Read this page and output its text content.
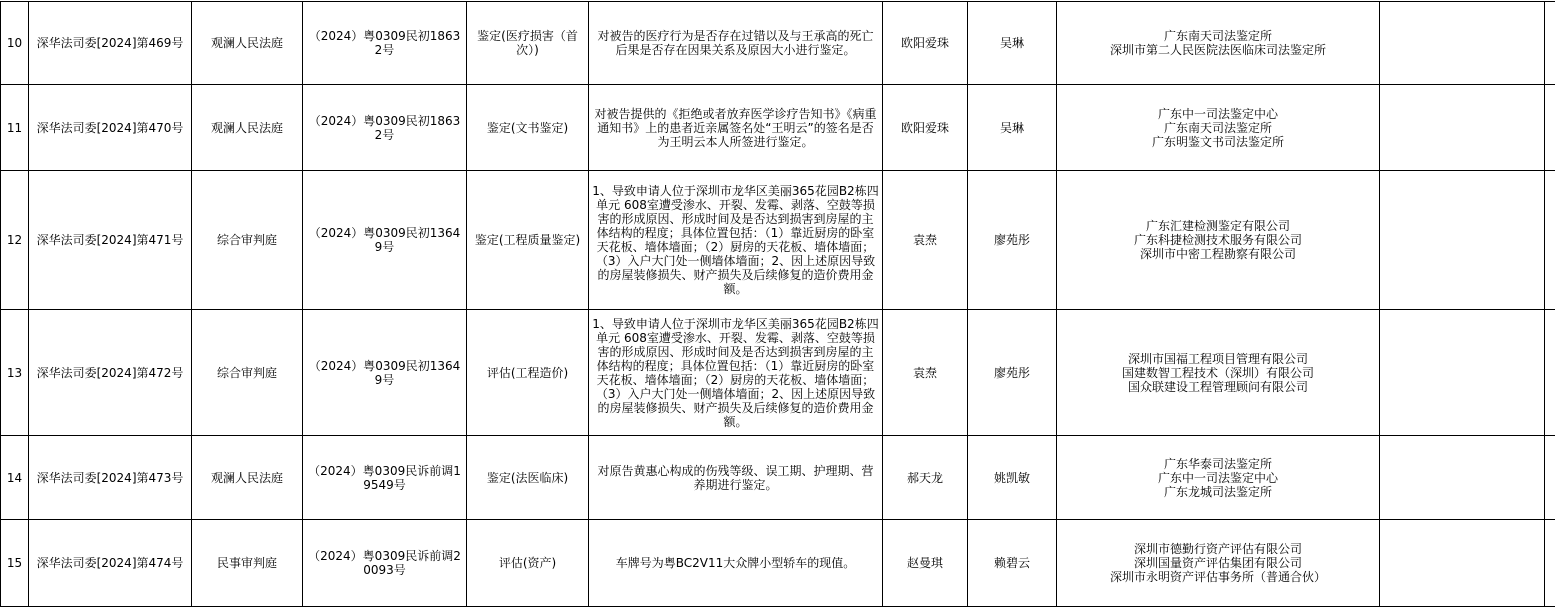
10	深华法司委[2024]第469号	观澜人民法庭	（2024）粤0309民初18632号	鉴定(医疗损害（首次）)	对被告的医疗行为是否存在过错以及与王承高的死亡后果是否存在因果关系及原因大小进行鉴定。	欧阳爱珠	吴琳	广东南天司法鉴定所
深圳市第二人民医院法医临床司法鉴定所		

11	深华法司委[2024]第470号	观澜人民法庭	（2024）粤0309民初18632号	鉴定(文书鉴定)	对被告提供的《拒绝或者放弃医学诊疗告知书》《病重通知书》上的患者近亲属签名处“王明云”的签名是否为王明云本人所签进行鉴定。	欧阳爱珠	吴琳	广东中一司法鉴定中心
广东南天司法鉴定所
广东明鉴文书司法鉴定所		

12	深华法司委[2024]第471号	综合审判庭	（2024）粤0309民初13649号	鉴定(工程质量鉴定)	1、导致申请人位于深圳市龙华区美丽365花园B2栋四单元 608室遭受渗水、开裂、发霉、剥落、空鼓等损害的形成原因、形成时间及是否达到损害到房屋的主体结构的程度；具体位置包括：（1）靠近厨房的卧室天花板、墙体墙面；（2）厨房的天花板、墙体墙面；（3）入户大门处一侧墙体墙面；2、因上述原因导致的房屋装修损失、财产损失及后续修复的造价费用金额。	袁焘	廖苑彤	广东汇建检测鉴定有限公司
广东科捷检测技术服务有限公司
深圳市中密工程勘察有限公司		

13	深华法司委[2024]第472号	综合审判庭	（2024）粤0309民初13649号	评估(工程造价)	1、导致申请人位于深圳市龙华区美丽365花园B2栋四单元 608室遭受渗水、开裂、发霉、剥落、空鼓等损害的形成原因、形成时间及是否达到损害到房屋的主体结构的程度；具体位置包括：（1）靠近厨房的卧室天花板、墙体墙面；（2）厨房的天花板、墙体墙面；（3）入户大门处一侧墙体墙面；2、因上述原因导致的房屋装修损失、财产损失及后续修复的造价费用金额。	袁焘	廖苑彤	深圳市国福工程项目管理有限公司
国建数智工程技术（深圳）有限公司
国众联建设工程管理顾问有限公司		

14	深华法司委[2024]第473号	观澜人民法庭	（2024）粤0309民诉前调19549号	鉴定(法医临床)	对原告黄惠心构成的伤残等级、误工期、护理期、营养期进行鉴定。	郝天龙	姚凯敏	广东华泰司法鉴定所
广东中一司法鉴定中心
广东龙城司法鉴定所		

15	深华法司委[2024]第474号	民事审判庭	（2024）粤0309民诉前调20093号	评估(资产)	车牌号为粤BC2V11大众牌小型轿车的现值。	赵曼琪	赖碧云	深圳市德勤行资产评估有限公司
深圳国量资产评估集团有限公司
深圳市永明资产评估事务所（普通合伙）		
